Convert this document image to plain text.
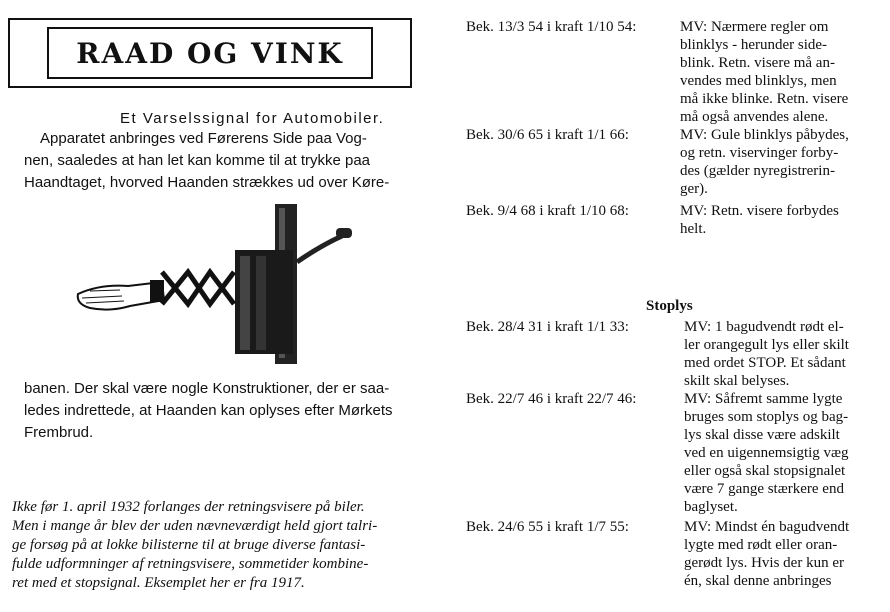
RAAD OG VINK
Et Varselssignal for Automobiler.
Apparatet anbringes ved Førerens Side paa Vog-
nen, saaledes at han let kan komme til at trykke paa
Haandtaget, hvorved Haanden strækkes ud over Køre-
banen. Der skal være nogle Konstruktioner, der er saa-
ledes indrettede, at Haanden kan oplyses efter Mørkets
Frembrud.
Ikke før 1. april 1932 forlanges der retningsvisere på biler.
Men i mange år blev der uden nævneværdigt held gjort talri-
ge forsøg på at lokke bilisterne til at bruge diverse fantasi-
fulde udformninger af retningsvisere, sommetider kombine-
ret med et stopsignal. Eksemplet her er fra 1917.
Bek. 13/3 54 i kraft 1/10 54:	MV: Nærmere regler om
blinklys - herunder side-
blink. Retn. visere må an-
vendes med blinklys, men
må ikke blinke. Retn. visere
må også anvendes alene.
Bek. 30/6 65 i kraft 1/1 66:	MV: Gule blinklys påbydes,
og retn. viservinger forby-
des (gælder nyregistrerin-
ger).
Bek. 9/4 68 i kraft 1/10 68:	MV: Retn. visere forbydes
helt.
Stoplys
Bek. 28/4 31 i kraft 1/1 33:	MV: 1 bagudvendt rødt el-
ler orangegult lys eller skilt
med ordet STOP. Et sådant
skilt skal belyses.
Bek. 22/7 46 i kraft 22/7 46:	MV: Såfremt samme lygte
bruges som stoplys og bag-
lys skal disse være adskilt
ved en uigennemsigtig væg
eller også skal stopsignalet
være 7 gange stærkere end
baglyset.
Bek. 24/6 55 i kraft 1/7 55:	MV: Mindst én bagudvendt
lygte med rødt eller oran-
gerødt lys. Hvis der kun er
én, skal denne anbringes
